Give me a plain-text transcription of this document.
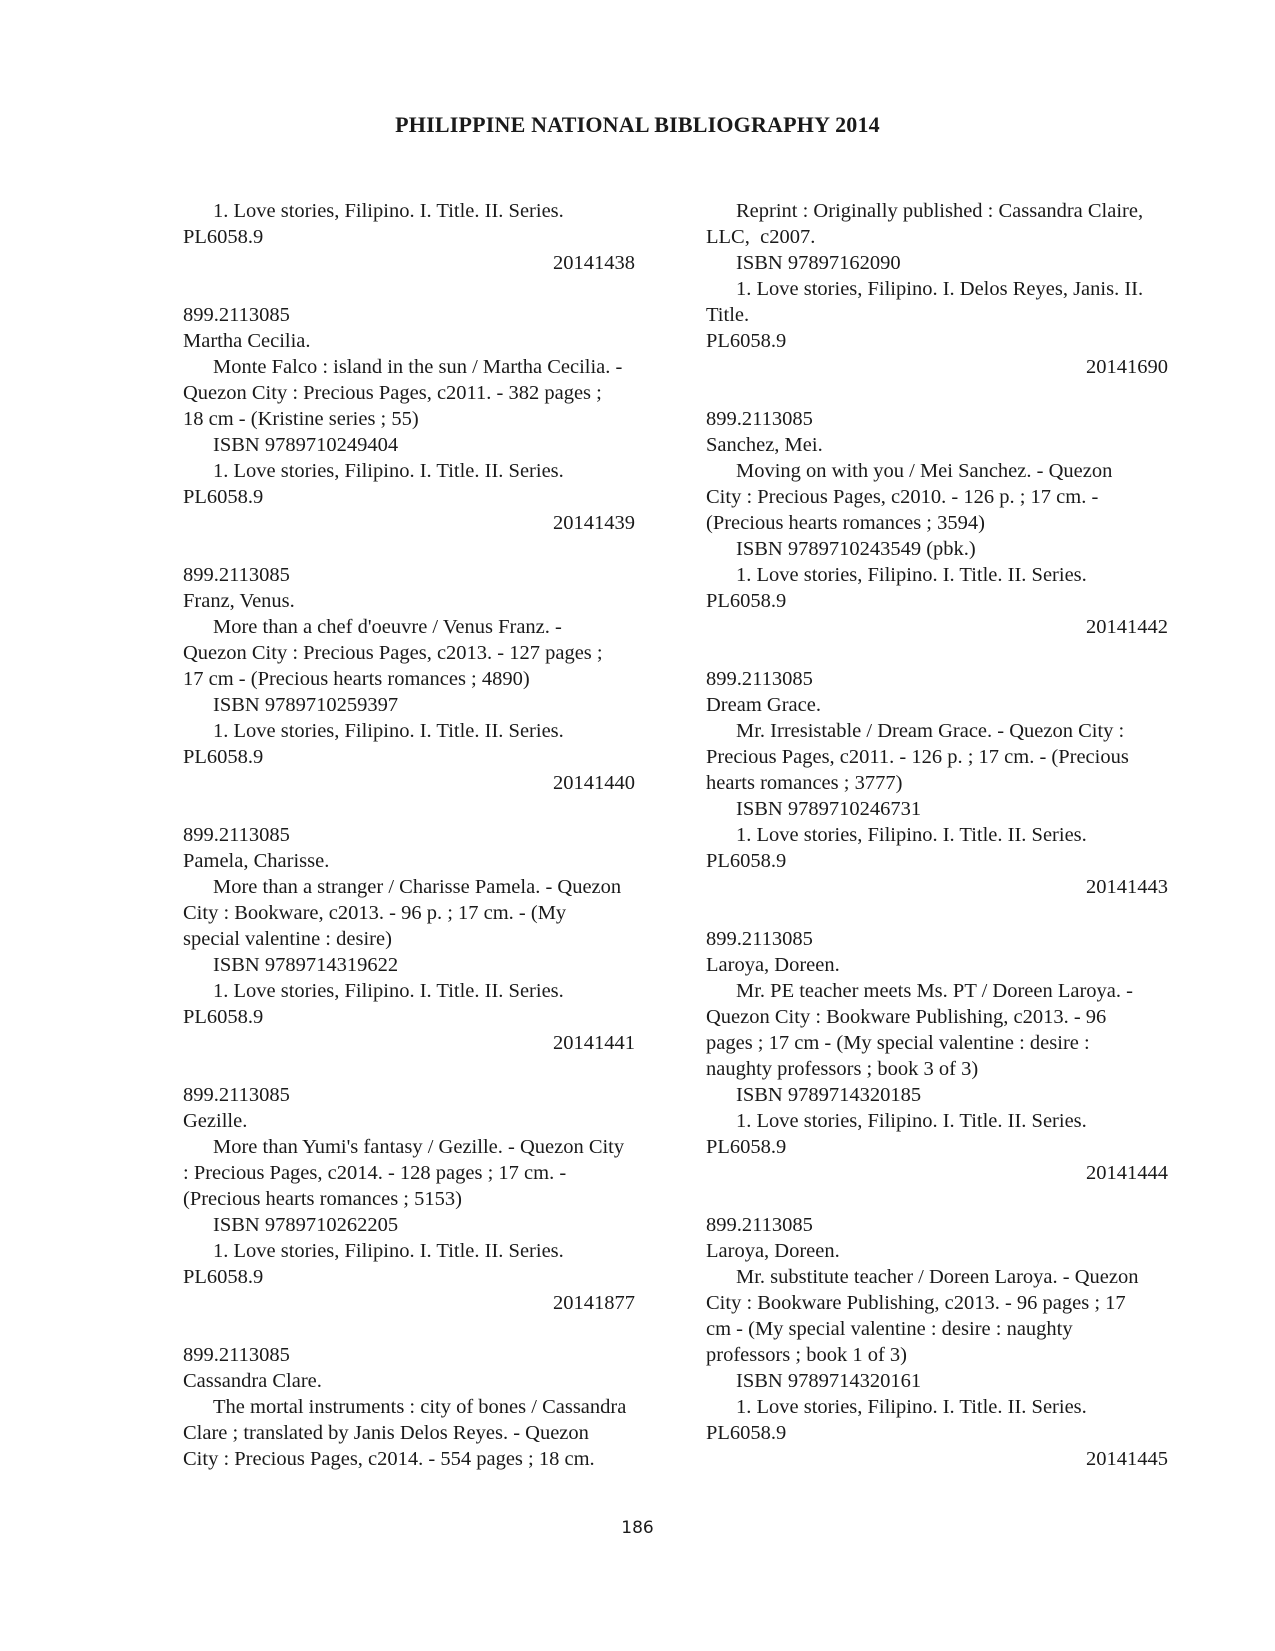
PHILIPPINE NATIONAL BIBLIOGRAPHY 2014
1. Love stories, Filipino. I. Title. II. Series.
PL6058.9
20141438
899.2113085
Martha Cecilia.
Monte Falco : island in the sun / Martha Cecilia. -
Quezon City : Precious Pages, c2011. - 382 pages ;
18 cm - (Kristine series ; 55)
ISBN 9789710249404
1. Love stories, Filipino. I. Title. II. Series.
PL6058.9
20141439
899.2113085
Franz, Venus.
More than a chef d'oeuvre / Venus Franz. -
Quezon City : Precious Pages, c2013. - 127 pages ;
17 cm - (Precious hearts romances ; 4890)
ISBN 9789710259397
1. Love stories, Filipino. I. Title. II. Series.
PL6058.9
20141440
899.2113085
Pamela, Charisse.
More than a stranger / Charisse Pamela. - Quezon
City : Bookware, c2013. - 96 p. ; 17 cm. - (My
special valentine : desire)
ISBN 9789714319622
1. Love stories, Filipino. I. Title. II. Series.
PL6058.9
20141441
899.2113085
Gezille.
More than Yumi's fantasy / Gezille. - Quezon City
: Precious Pages, c2014. - 128 pages ; 17 cm. -
(Precious hearts romances ; 5153)
ISBN 9789710262205
1. Love stories, Filipino. I. Title. II. Series.
PL6058.9
20141877
899.2113085
Cassandra Clare.
The mortal instruments : city of bones / Cassandra
Clare ; translated by Janis Delos Reyes. - Quezon
City : Precious Pages, c2014. - 554 pages ; 18 cm.
Reprint : Originally published : Cassandra Claire,
LLC,  c2007.
ISBN 97897162090
1. Love stories, Filipino. I. Delos Reyes, Janis. II.
Title.
PL6058.9
20141690
899.2113085
Sanchez, Mei.
Moving on with you / Mei Sanchez. - Quezon
City : Precious Pages, c2010. - 126 p. ; 17 cm. -
(Precious hearts romances ; 3594)
ISBN 9789710243549 (pbk.)
1. Love stories, Filipino. I. Title. II. Series.
PL6058.9
20141442
899.2113085
Dream Grace.
Mr. Irresistable / Dream Grace. - Quezon City :
Precious Pages, c2011. - 126 p. ; 17 cm. - (Precious
hearts romances ; 3777)
ISBN 9789710246731
1. Love stories, Filipino. I. Title. II. Series.
PL6058.9
20141443
899.2113085
Laroya, Doreen.
Mr. PE teacher meets Ms. PT / Doreen Laroya. -
Quezon City : Bookware Publishing, c2013. - 96
pages ; 17 cm - (My special valentine : desire :
naughty professors ; book 3 of 3)
ISBN 9789714320185
1. Love stories, Filipino. I. Title. II. Series.
PL6058.9
20141444
899.2113085
Laroya, Doreen.
Mr. substitute teacher / Doreen Laroya. - Quezon
City : Bookware Publishing, c2013. - 96 pages ; 17
cm - (My special valentine : desire : naughty
professors ; book 1 of 3)
ISBN 9789714320161
1. Love stories, Filipino. I. Title. II. Series.
PL6058.9
20141445
186
